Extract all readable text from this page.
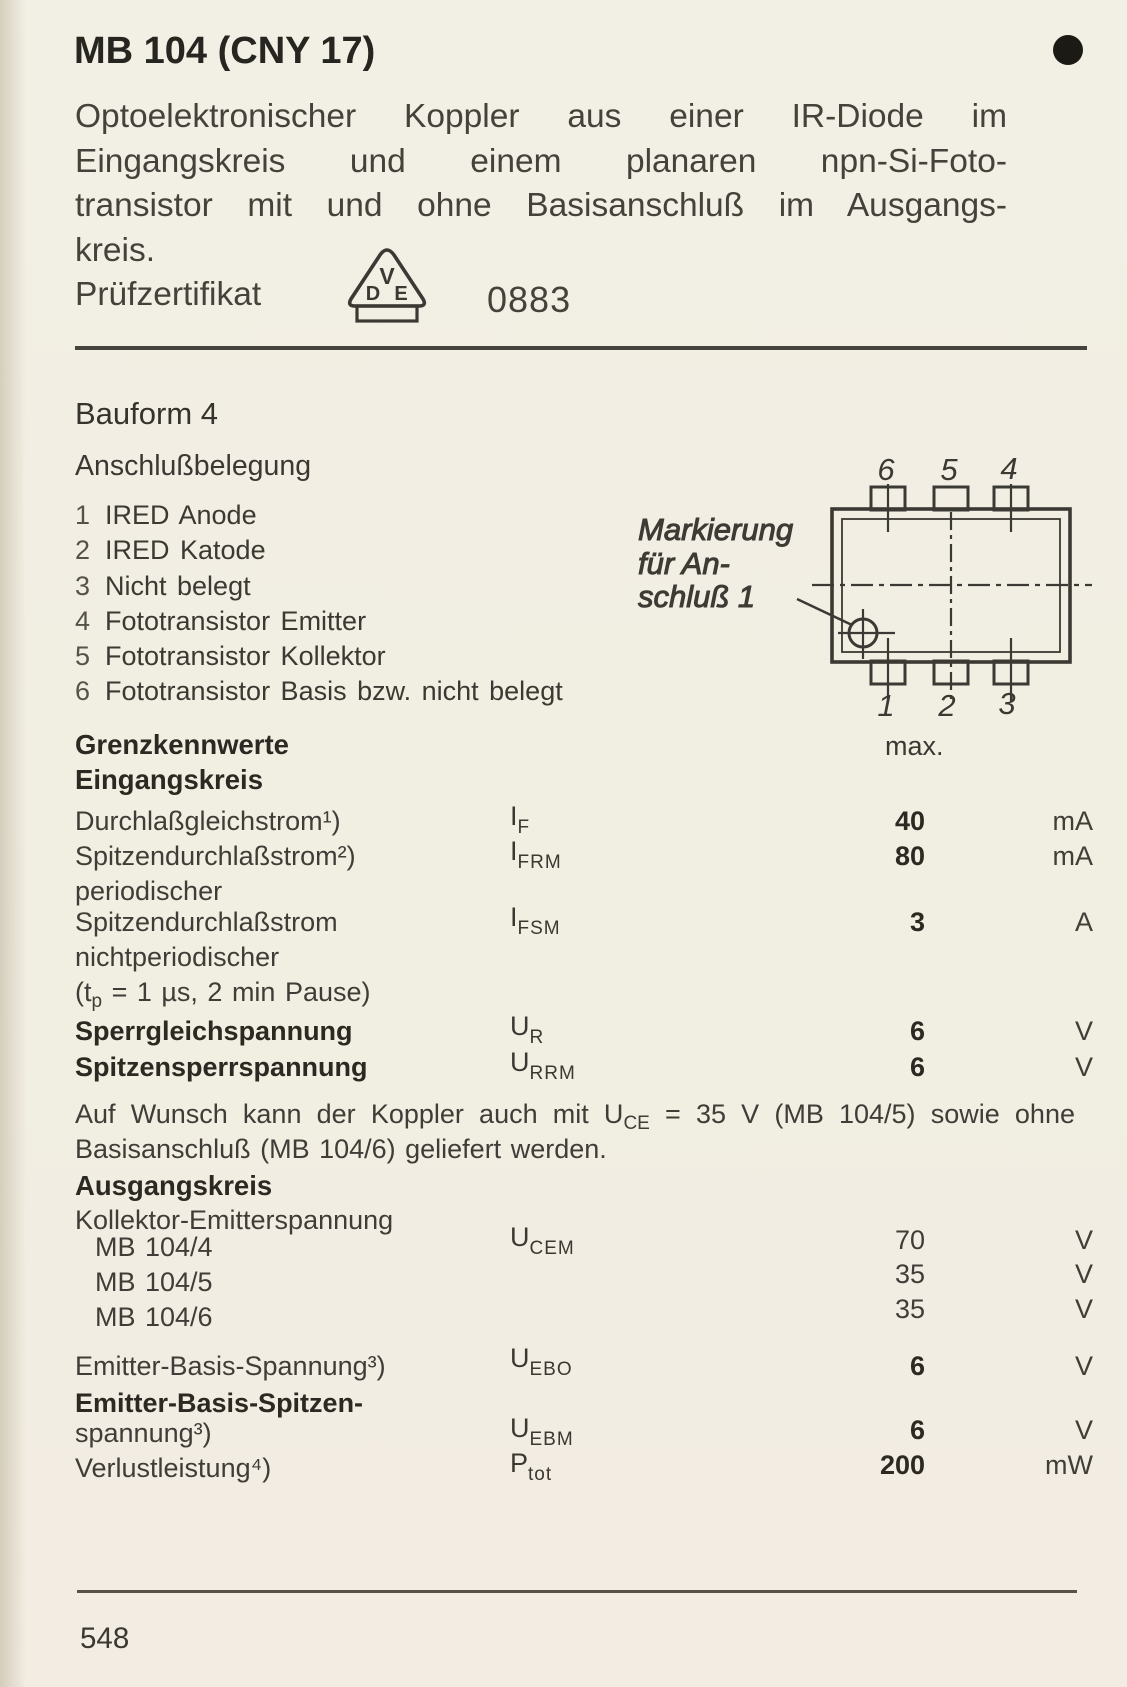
MB 104 (CNY 17)
Optoelektronischer Koppler aus einer IR-Diode im
Eingangskreis und einem planaren npn-Si-Foto-
transistor mit und ohne Basisanschluß im Ausgangs-
kreis.
Prüfzertifikat	V
D E 0883
Bauform 4
Anschlußbelegung
1 IRED Anode
2 IRED Katode
3 Nicht belegt
4 Fototransistor Emitter
5 Fototransistor Kollektor
6 Fototransistor Basis bzw. nicht belegt
Markierung
für An-
schluß 1
6 5 4
1 2 3
Grenzkennwerte	max.
Eingangskreis
Durchlaßgleichstrom¹)	IF	40	mA
Spitzendurchlaßstrom²)	IFRM	80	mA
periodischer
Spitzendurchlaßstrom	IFSM	3	A
nichtperiodischer
($t_p = 1$ µs, 2 min Pause)
Sperrgleichspannung	UR	6	V
Spitzensperrspannung	URRM	6	V
Auf Wunsch kann der Koppler auch mit $U_{CE} = 35$ V (MB 104/5) sowie ohne
Basisanschluß (MB 104/6) geliefert werden.
Ausgangskreis
Kollektor-Emitterspannung
MB 104/4	UCEM	70	V
MB 104/5	35	V
MB 104/6	35	V
Emitter-Basis-Spannung³)	UEBO	6	V
Emitter-Basis-Spitzen-
spannung³)	UEBM	6	V
Verlustleistung⁴)	Ptot	200	mW
548
